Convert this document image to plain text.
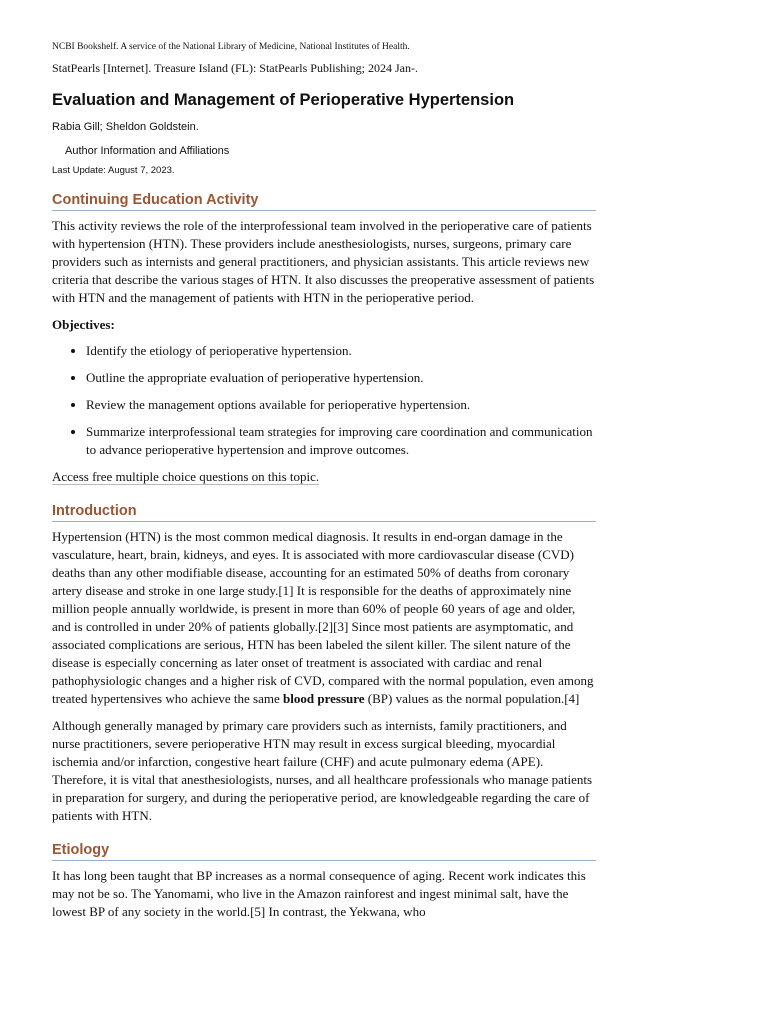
NCBI Bookshelf. A service of the National Library of Medicine, National Institutes of Health.
StatPearls [Internet]. Treasure Island (FL): StatPearls Publishing; 2024 Jan-.
Evaluation and Management of Perioperative Hypertension
Rabia Gill; Sheldon Goldstein.
Author Information and Affiliations
Last Update: August 7, 2023.
Continuing Education Activity

This activity reviews the role of the interprofessional team involved in the perioperative care of patients with hypertension (HTN). These providers include anesthesiologists, nurses, surgeons, primary care providers such as internists and general practitioners, and physician assistants. This article reviews new criteria that describe the various stages of HTN. It also discusses the preoperative assessment of patients with HTN and the management of patients with HTN in the perioperative period.

Objectives:

• Identify the etiology of perioperative hypertension.
• Outline the appropriate evaluation of perioperative hypertension.
• Review the management options available for perioperative hypertension.
• Summarize interprofessional team strategies for improving care coordination and communication to advance perioperative hypertension and improve outcomes.
Access free multiple choice questions on this topic.
Introduction

Hypertension (HTN) is the most common medical diagnosis. It results in end-organ damage in the vasculature, heart, brain, kidneys, and eyes. It is associated with more cardiovascular disease (CVD) deaths than any other modifiable disease, accounting for an estimated 50% of deaths from coronary artery disease and stroke in one large study.[1] It is responsible for the deaths of approximately nine million people annually worldwide, is present in more than 60% of people 60 years of age and older, and is controlled in under 20% of patients globally.[2][3] Since most patients are asymptomatic, and associated complications are serious, HTN has been labeled the silent killer. The silent nature of the disease is especially concerning as later onset of treatment is associated with cardiac and renal pathophysiologic changes and a higher risk of CVD, compared with the normal population, even among treated hypertensives who achieve the same blood pressure (BP) values as the normal population.[4]

Although generally managed by primary care providers such as internists, family practitioners, and nurse practitioners, severe perioperative HTN may result in excess surgical bleeding, myocardial ischemia and/or infarction, congestive heart failure (CHF) and acute pulmonary edema (APE). Therefore, it is vital that anesthesiologists, nurses, and all healthcare professionals who manage patients in preparation for surgery, and during the perioperative period, are knowledgeable regarding the care of patients with HTN.

Etiology

It has long been taught that BP increases as a normal consequence of aging. Recent work indicates this may not be so. The Yanomami, who live in the Amazon rainforest and ingest minimal salt, have the lowest BP of any society in the world.[5] In contrast, the Yekwana, who
